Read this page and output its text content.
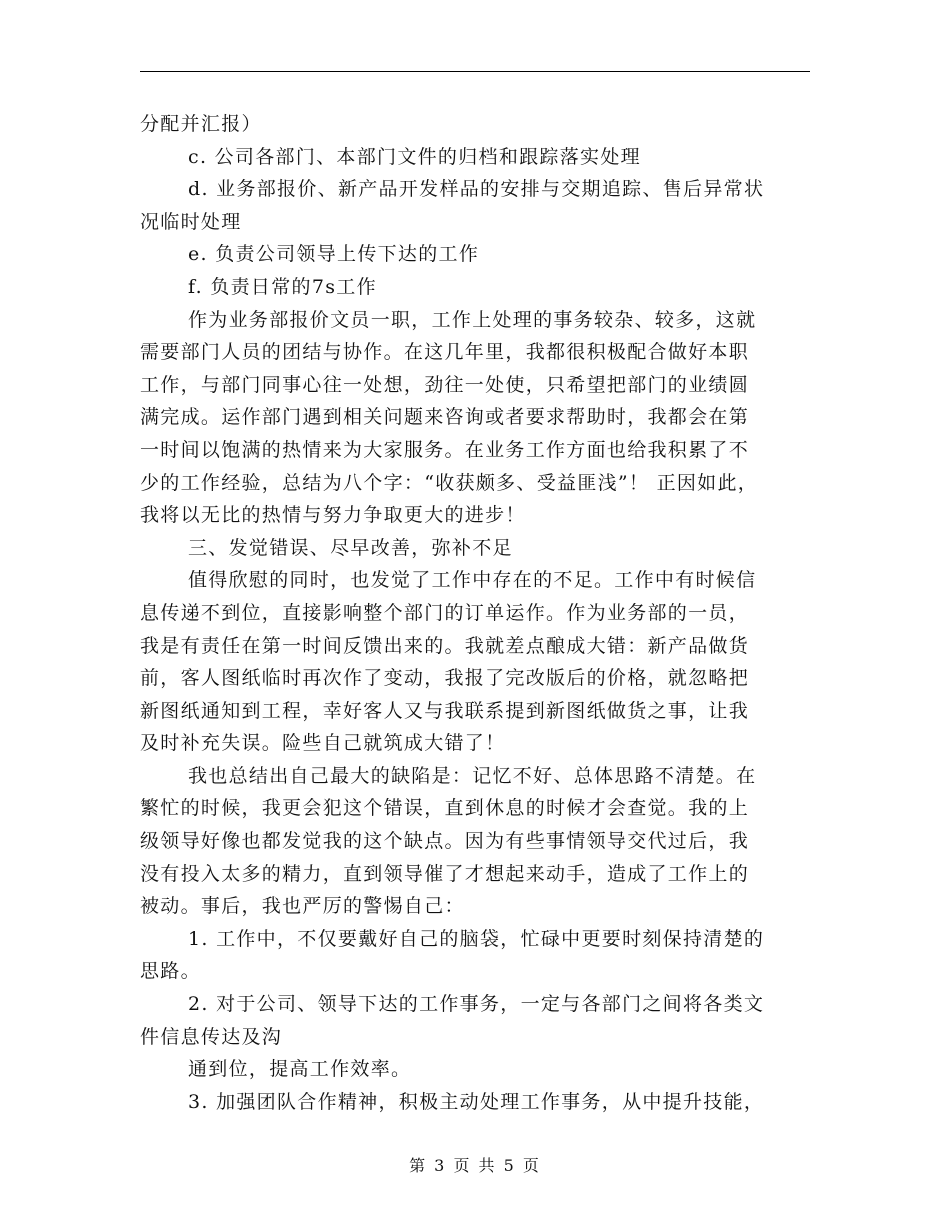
分配并汇报）
c. 公司各部门、本部门文件的归档和跟踪落实处理
d. 业务部报价、新产品开发样品的安排与交期追踪、售后异常状
况临时处理
e. 负责公司领导上传下达的工作
f. 负责日常的7s工作
作为业务部报价文员一职，工作上处理的事务较杂、较多，这就
需要部门人员的团结与协作。在这几年里，我都很积极配合做好本职
工作，与部门同事心往一处想，劲往一处使，只希望把部门的业绩圆
满完成。运作部门遇到相关问题来咨询或者要求帮助时，我都会在第
一时间以饱满的热情来为大家服务。在业务工作方面也给我积累了不
少的工作经验，总结为八个字：“收获颇多、受益匪浅”！ 正因如此，
我将以无比的热情与努力争取更大的进步！
三、发觉错误、尽早改善，弥补不足
值得欣慰的同时，也发觉了工作中存在的不足。工作中有时候信
息传递不到位，直接影响整个部门的订单运作。作为业务部的一员，
我是有责任在第一时间反馈出来的。我就差点酿成大错：新产品做货
前，客人图纸临时再次作了变动，我报了完改版后的价格，就忽略把
新图纸通知到工程，幸好客人又与我联系提到新图纸做货之事，让我
及时补充失误。险些自己就筑成大错了！
我也总结出自己最大的缺陷是：记忆不好、总体思路不清楚。在
繁忙的时候，我更会犯这个错误，直到休息的时候才会查觉。我的上
级领导好像也都发觉我的这个缺点。因为有些事情领导交代过后，我
没有投入太多的精力，直到领导催了才想起来动手，造成了工作上的
被动。事后，我也严厉的警惕自己：
1. 工作中，不仅要戴好自己的脑袋，忙碌中更要时刻保持清楚的
思路。
2. 对于公司、领导下达的工作事务，一定与各部门之间将各类文
件信息传达及沟
通到位，提高工作效率。
3. 加强团队合作精神，积极主动处理工作事务，从中提升技能，
第 3 页 共 5 页
